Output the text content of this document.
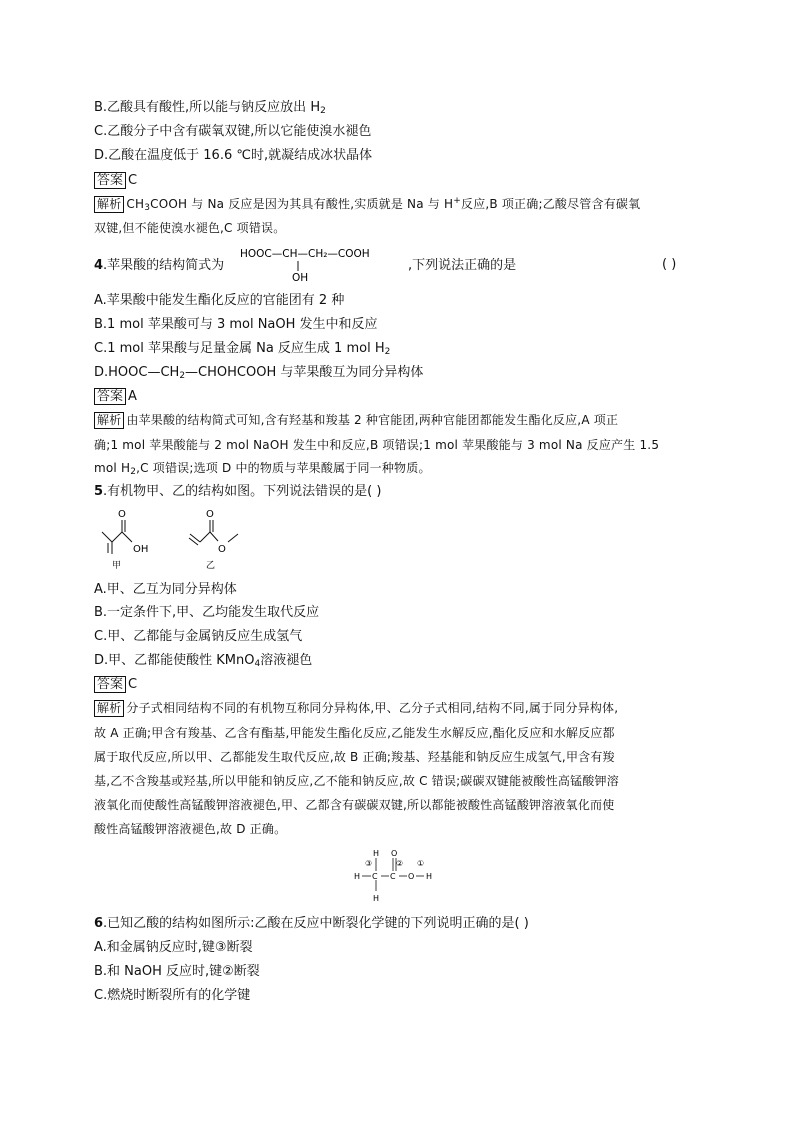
B.乙酸具有酸性,所以能与钠反应放出 $H_2$
C.乙酸分子中含有碳氧双键,所以它能使溴水褪色
D.乙酸在温度低于 16.6 ℃时,就凝结成冰状晶体
答案 C
解析 $CH_3COOH$ 与 Na 反应是因为其具有酸性,实质就是 Na 与 H+反应,B 项正确;乙酸尽管含有碳氧
双键,但不能使溴水褪色,C 项错误。
4.苹果酸的结构简式为
HOOC—CH—CH₂—COOH
OH
,下列说法正确的是	( )
A.苹果酸中能发生酯化反应的官能团有 2 种
B.1 mol 苹果酸可与 3 mol NaOH 发生中和反应
C.1 mol 苹果酸与足量金属 Na 反应生成 1 mol $H_2$
$D.HOOC—CH_2—CHOHCOOH$ 与苹果酸互为同分异构体
答案 A
解析 由苹果酸的结构简式可知,含有羟基和羧基 2 种官能团,两种官能团都能发生酯化反应,A 项正
确;1 mol 苹果酸能与 2 mol NaOH 发生中和反应,B 项错误;1 mol 苹果酸能与 3 mol Na 反应产生 1.5
mol $H_2,C$ 项错误;选项 D 中的物质与苹果酸属于同一种物质。
5.有机物甲、乙的结构如图。下列说法错误的是( )
O
OH
甲
O
O
乙
A.甲、乙互为同分异构体
B.一定条件下,甲、乙均能发生取代反应
C.甲、乙都能与金属钠反应生成氢气
D.甲、乙都能使酸性 KMnO$_4$溶液褪色
答案 C
解析 分子式相同结构不同的有机物互称同分异构体,甲、乙分子式相同,结构不同,属于同分异构体,
故 A 正确;甲含有羧基、乙含有酯基,甲能发生酯化反应,乙能发生水解反应,酯化反应和水解反应都
属于取代反应,所以甲、乙都能发生取代反应,故 B 正确;羧基、羟基能和钠反应生成氢气,甲含有羧
基,乙不含羧基或羟基,所以甲能和钠反应,乙不能和钠反应,故 C 错误;碳碳双键能被酸性高锰酸钾溶
液氧化而使酸性高锰酸钾溶液褪色,甲、乙都含有碳碳双键,所以都能被酸性高锰酸钾溶液氧化而使
酸性高锰酸钾溶液褪色,故 D 正确。
H
③
O
② ①
H C C O H
H
6.已知乙酸的结构如图所示:乙酸在反应中断裂化学键的下列说明正确的是( )
A.和金属钠反应时,键③断裂
B.和 NaOH 反应时,键②断裂
C.燃烧时断裂所有的化学键
